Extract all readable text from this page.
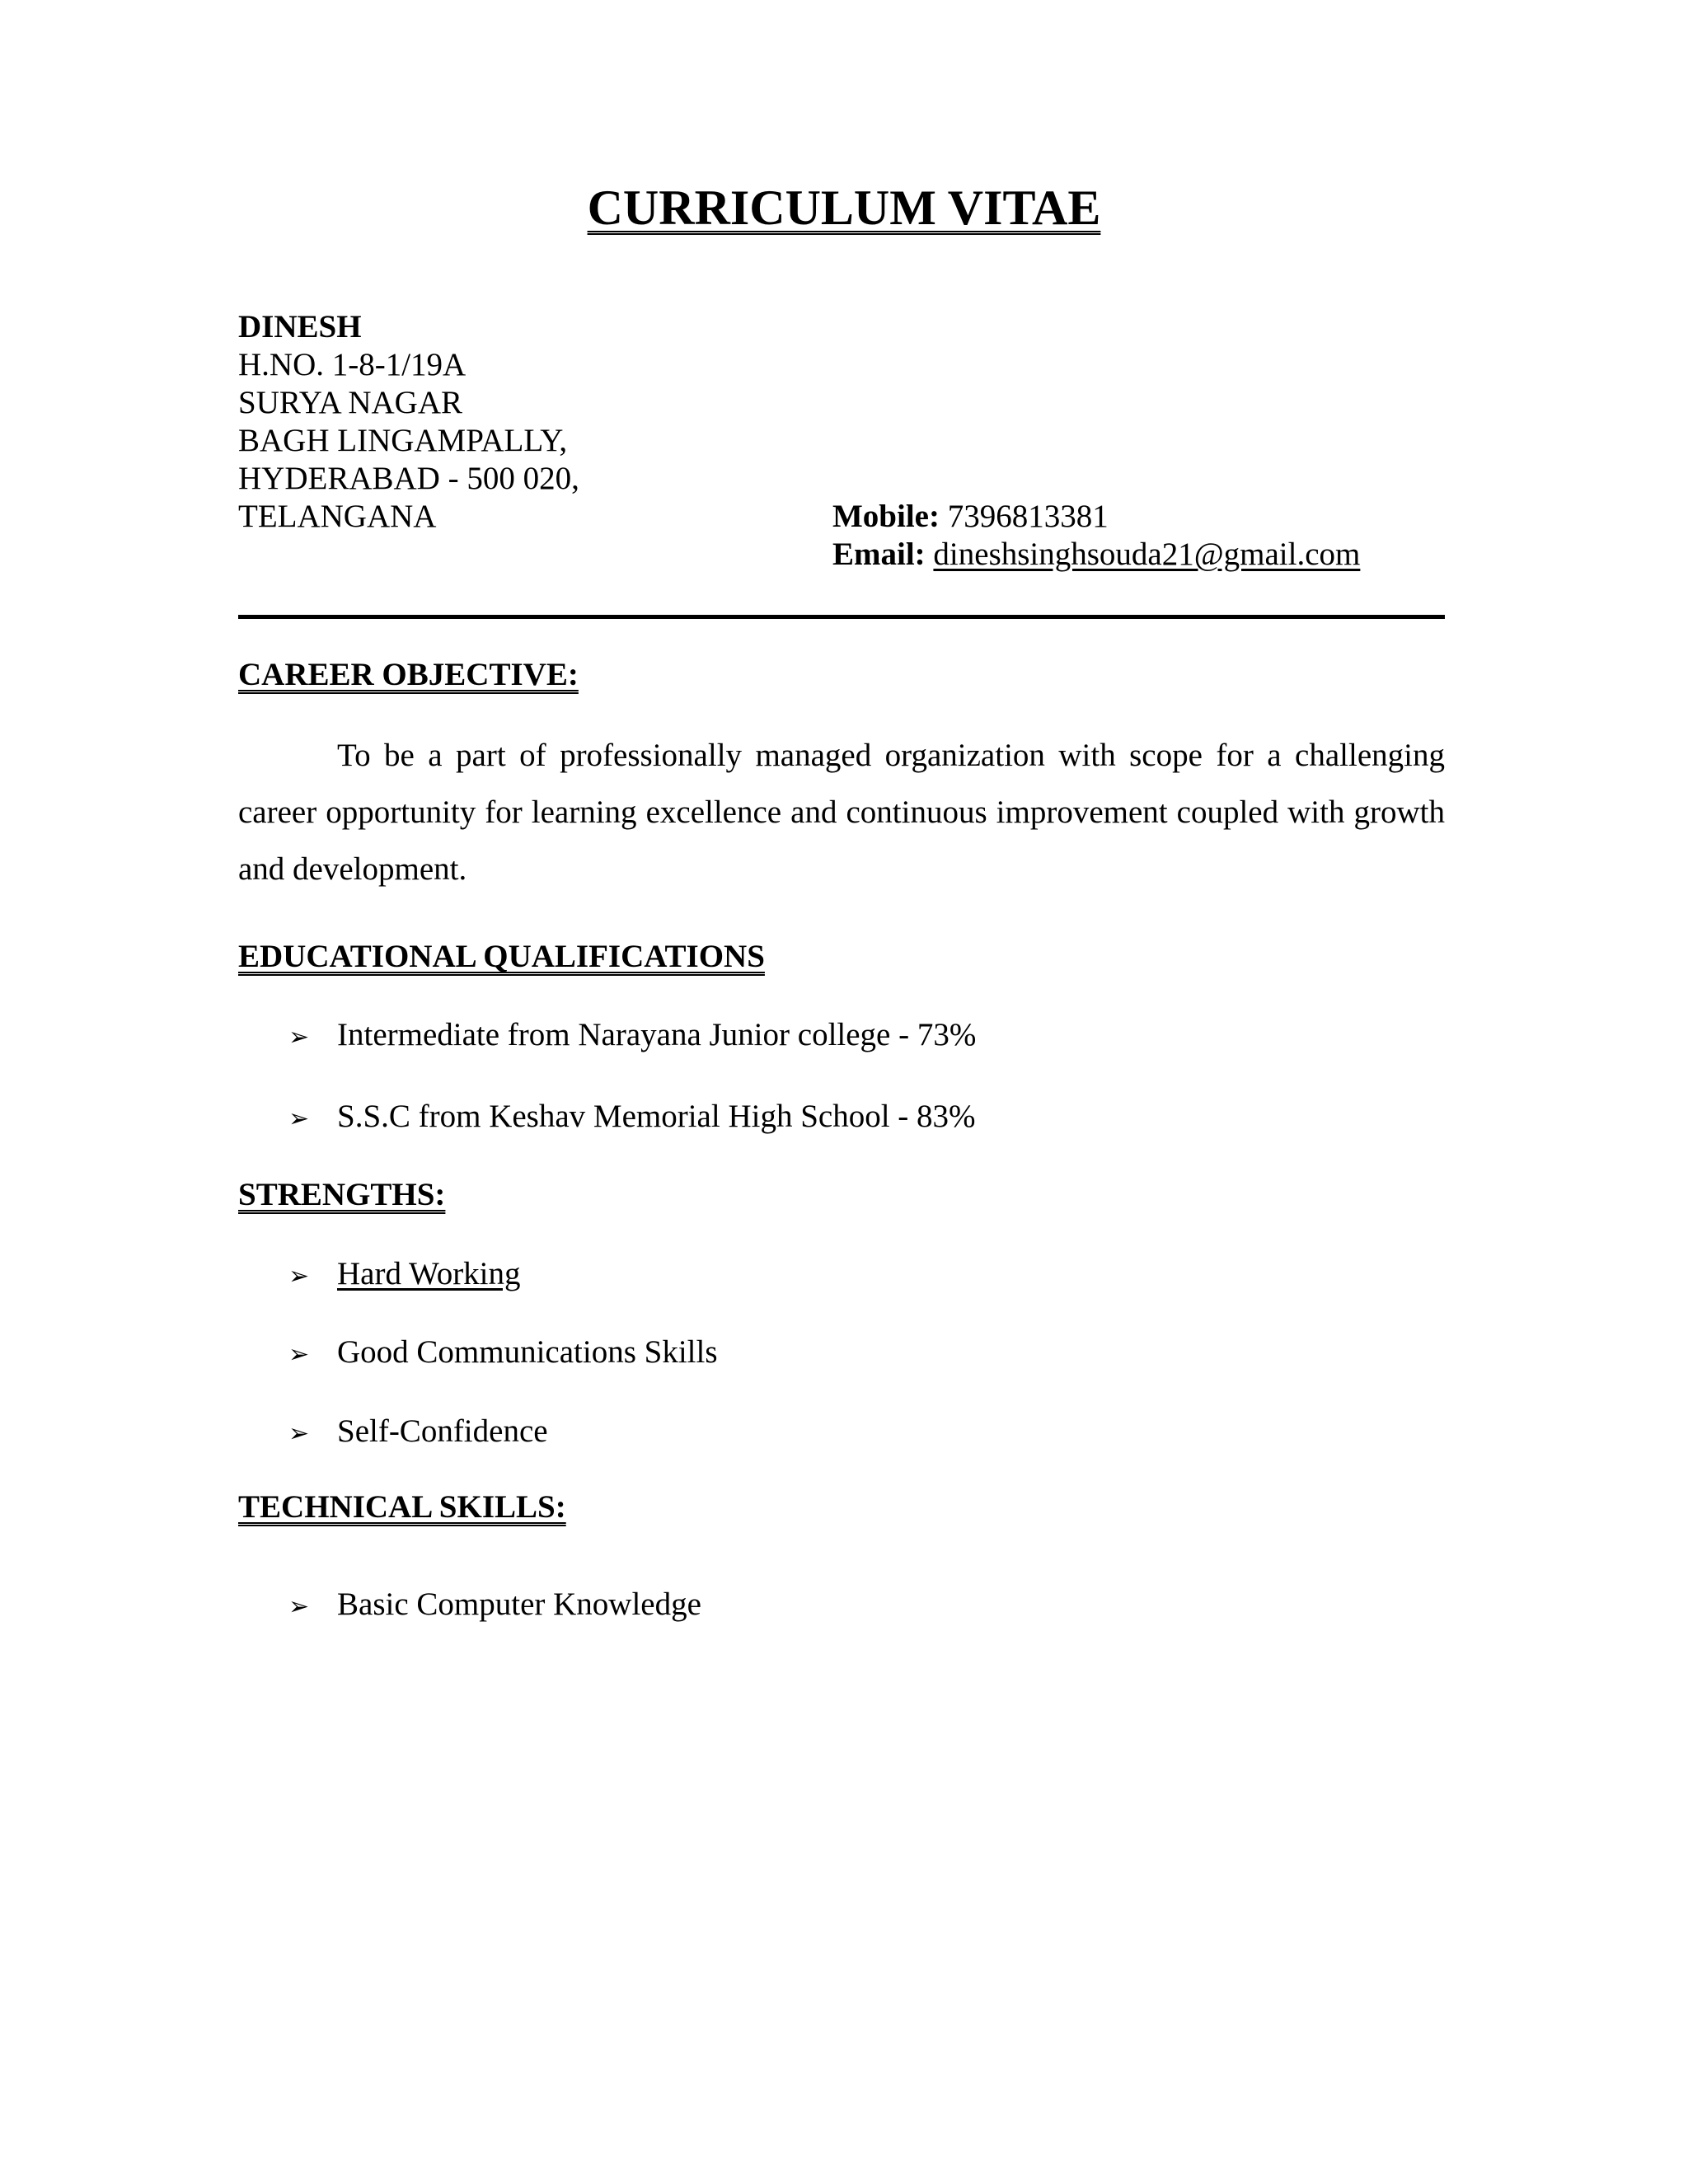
CURRICULUM VITAE
DINESH
H.NO. 1-8-1/19A
SURYA NAGAR
BAGH LINGAMPALLY,
HYDERABAD - 500 020,
TELANGANA	Mobile: 7396813381
Email: dineshsinghsouda21@gmail.com
CAREER OBJECTIVE:
To be a part of professionally managed organization with scope for a challenging career opportunity for learning excellence and continuous improvement coupled with growth and development.
EDUCATIONAL QUALIFICATIONS
➢ Intermediate from Narayana Junior college - 73%
➢ S.S.C from Keshav Memorial High School - 83%
STRENGTHS:
➢ Hard Working
➢ Good Communications Skills
➢ Self-Confidence
TECHNICAL SKILLS:
➢ Basic Computer Knowledge
